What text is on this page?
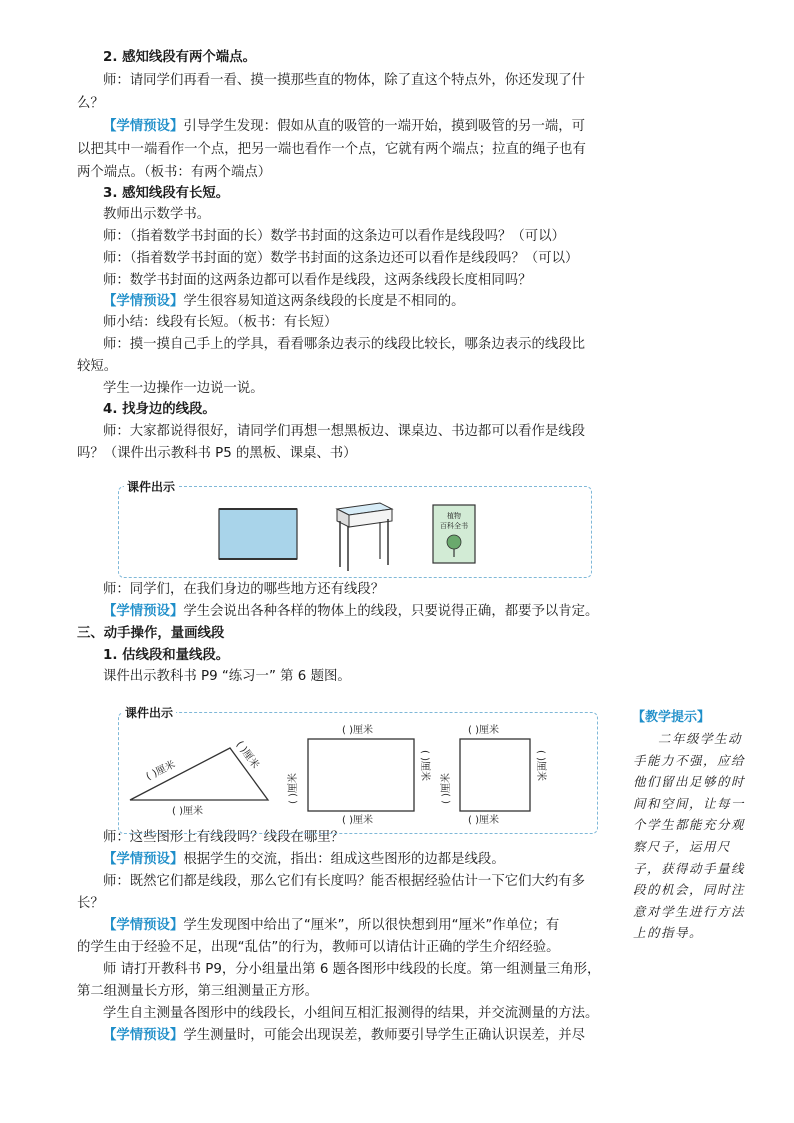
2. 感知线段有两个端点。
师：请同学们再看一看、摸一摸那些直的物体，除了直这个特点外，你还发现了什
么？
【学情预设】引导学生发现：假如从直的吸管的一端开始，摸到吸管的另一端，可
以把其中一端看作一个点，把另一端也看作一个点，它就有两个端点；拉直的绳子也有
两个端点。（板书：有两个端点）
3. 感知线段有长短。
教师出示数学书。
师：（指着数学书封面的长）数学书封面的这条边可以看作是线段吗？（可以）
师：（指着数学书封面的宽）数学书封面的这条边还可以看作是线段吗？（可以）
师：数学书封面的这两条边都可以看作是线段，这两条线段长度相同吗？
【学情预设】学生很容易知道这两条线段的长度是不相同的。
师小结：线段有长短。（板书：有长短）
师：摸一摸自己手上的学具，看看哪条边表示的线段比较长，哪条边表示的线段比
较短。
学生一边操作一边说一说。
4. 找身边的线段。
师：大家都说得很好，请同学们再想一想黑板边、课桌边、书边都可以看作是线段
吗？（课件出示教科书 P5 的黑板、课桌、书）
师：同学们，在我们身边的哪些地方还有线段？
【学情预设】学生会说出各种各样的物体上的线段，只要说得正确，都要予以肯定。
三、动手操作，量画线段
1. 估线段和量线段。
课件出示教科书 P9 “练习一” 第 6 题图。
师：这些图形上有线段吗？线段在哪里？
【学情预设】根据学生的交流，指出：组成这些图形的边都是线段。
师：既然它们都是线段，那么它们有长度吗？能否根据经验估计一下它们大约有多
长？
【学情预设】学生发现图中给出了“厘米”，所以很快想到用“厘米”作单位；有
的学生由于经验不足，出现“乱估”的行为，教师可以请估计正确的学生介绍经验。
师 请打开教科书 P9，分小组量出第 6 题各图形中线段的长度。第一组测量三角形，
第二组测量长方形，第三组测量正方形。
学生自主测量各图形中的线段长，小组间互相汇报测得的结果，并交流测量的方法。
【学情预设】学生测量时，可能会出现误差，教师要引导学生正确认识误差，并尽
课件出示
植物
百科全书
课件出示
( )厘米
( )厘米
( )厘米
( )厘米
( )厘米
( )厘米
( )厘米
( )厘米
( )厘米
( )厘米
( )厘米
【教学提示】
二年级学生动手能力不强，应给他们留出足够的时间和空间，让每一个学生都能充分观察尺子，运用尺子，获得动手量线段的机会，同时注意对学生进行方法上的指导。
